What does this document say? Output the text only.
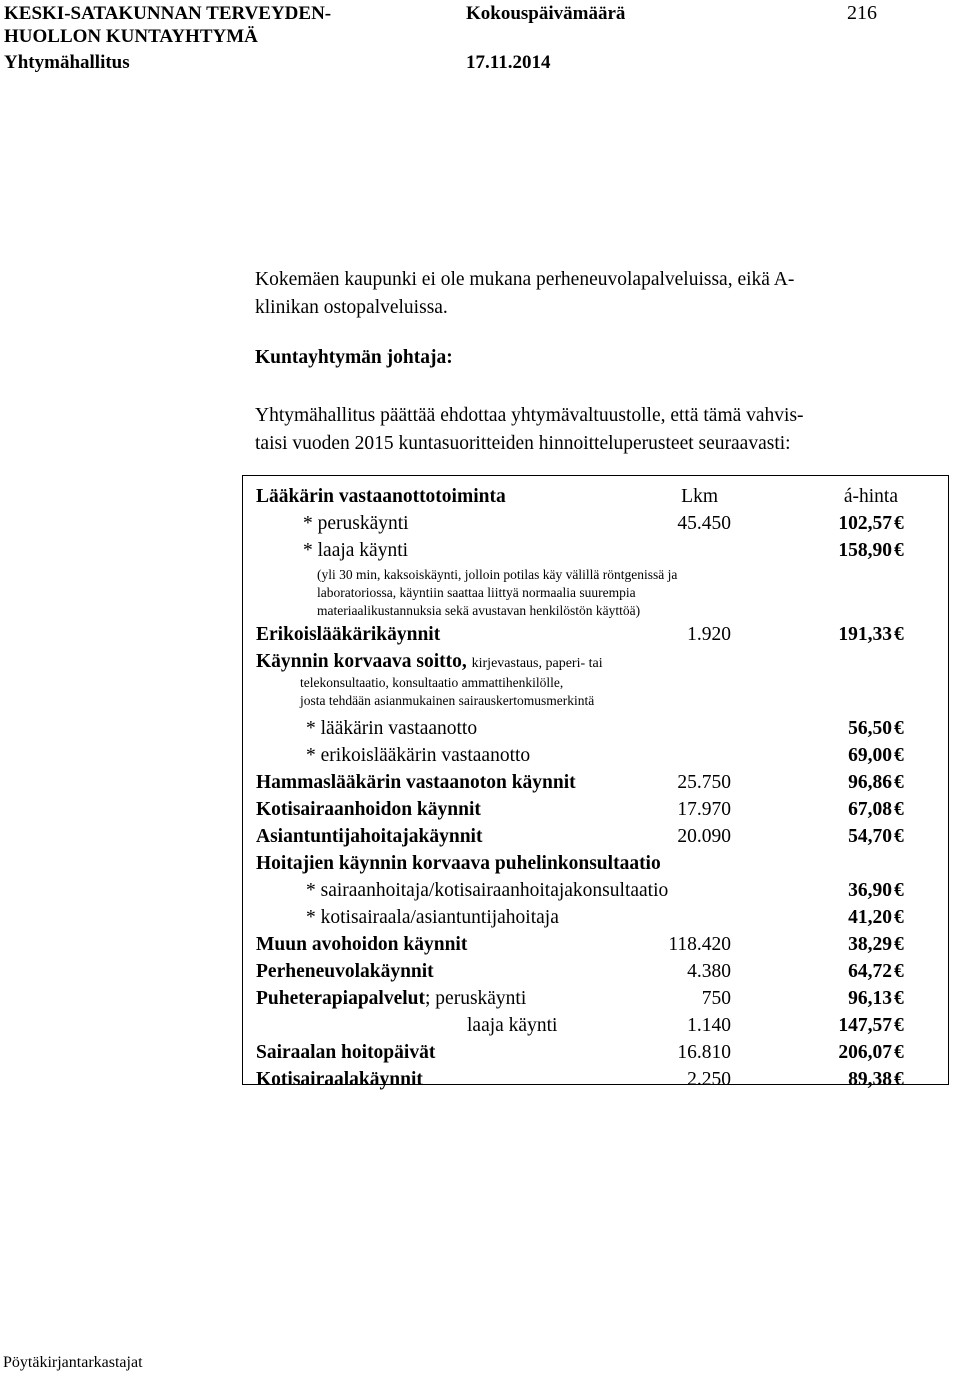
KESKI-SATAKUNNAN TERVEYDEN-
HUOLLON KUNTAYHTYMÄ
Yhtymähallitus
Kokouspäivämäärä
17.11.2014
216
Kokemäen kaupunki ei ole mukana perheneuvolapalveluissa, eikä A-
klinikan ostopalveluissa.
Kuntayhtymän johtaja:
Yhtymähallitus päättää ehdottaa yhtymävaltuustolle, että tämä vahvis-
taisi vuoden 2015 kuntasuoritteiden hinnoitteluperusteet seuraavasti:
Lääkärin vastaanottotoiminta	Lkm	á-hinta
* peruskäynti	45.450	102,57 €
* laaja käynti	158,90 €
(yli 30 min, kaksoiskäynti, jolloin potilas käy välillä röntgenissä ja
laboratoriossa, käyntiin saattaa liittyä normaalia suurempia
materiaalikustannuksia sekä avustavan henkilöstön käyttöä)
Erikoislääkärikäynnit	1.920	191,33 €
Käynnin korvaava soitto, kirjevastaus, paperi- tai
telekonsultaatio, konsultaatio ammattihenkilölle,
josta tehdään asianmukainen sairauskertomusmerkintä
* lääkärin vastaanotto	56,50 €
* erikoislääkärin vastaanotto	69,00 €
Hammaslääkärin vastaanoton käynnit	25.750	96,86 €
Kotisairaanhoidon käynnit	17.970	67,08 €
Asiantuntijahoitajakäynnit	20.090	54,70 €
Hoitajien käynnin korvaava puhelinkonsultaatio
* sairaanhoitaja/kotisairaanhoitajakonsultaatio	36,90 €
* kotisairaala/asiantuntijahoitaja	41,20 €
Muun avohoidon käynnit	118.420	38,29 €
Perheneuvolakäynnit	4.380	64,72 €
Puheterapiapalvelut; peruskäynti	750	96,13 €
laaja käynti	1.140	147,57 €
Sairaalan hoitopäivät	16.810	206,07 €
Kotisairaalakäynnit	2.250	89,38 €
Pöytäkirjantarkastajat
